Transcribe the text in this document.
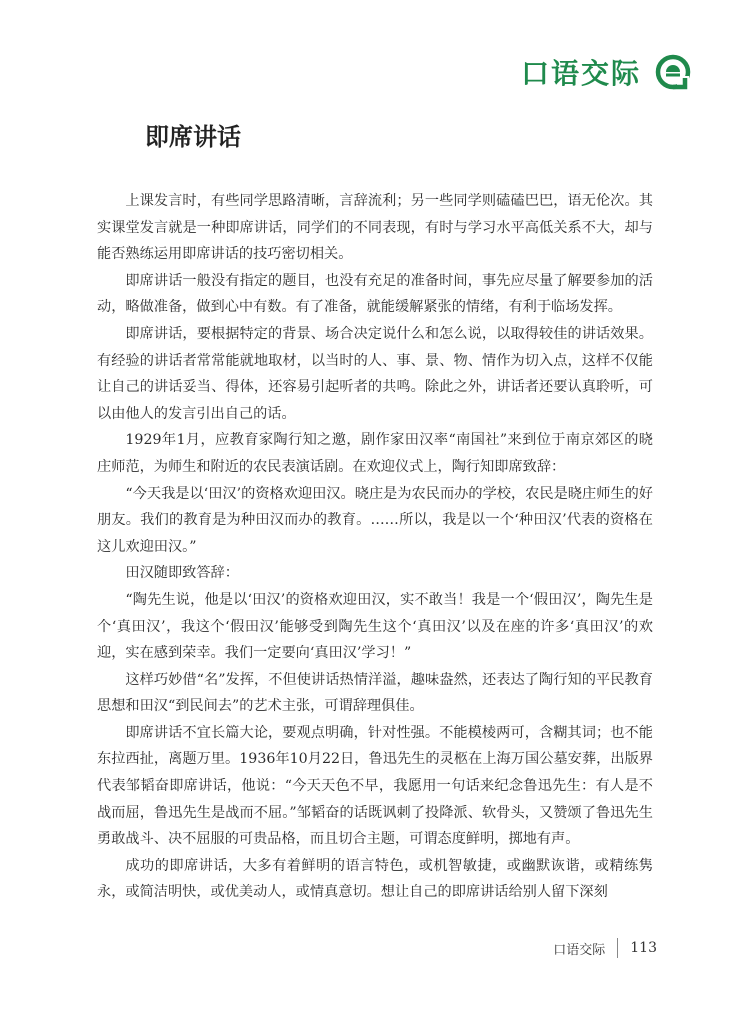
口语交际
即席讲话

上课发言时，有些同学思路清晰，言辞流利；另一些同学则磕磕巴巴，语无伦次。其实课堂发言就是一种即席讲话，同学们的不同表现，有时与学习水平高低关系不大，却与能否熟练运用即席讲话的技巧密切相关。

即席讲话一般没有指定的题目，也没有充足的准备时间，事先应尽量了解要参加的活动，略做准备，做到心中有数。有了准备，就能缓解紧张的情绪，有利于临场发挥。

即席讲话，要根据特定的背景、场合决定说什么和怎么说，以取得较佳的讲话效果。有经验的讲话者常常能就地取材，以当时的人、事、景、物、情作为切入点，这样不仅能让自己的讲话妥当、得体，还容易引起听者的共鸣。除此之外，讲话者还要认真聆听，可以由他人的发言引出自己的话。

1929年1月，应教育家陶行知之邀，剧作家田汉率“南国社”来到位于南京郊区的晓庄师范，为师生和附近的农民表演话剧。在欢迎仪式上，陶行知即席致辞：

“今天我是以‘田汉’的资格欢迎田汉。晓庄是为农民而办的学校，农民是晓庄师生的好朋友。我们的教育是为种田汉而办的教育。……所以，我是以一个‘种田汉’代表的资格在这儿欢迎田汉。”

田汉随即致答辞：

“陶先生说，他是以‘田汉’的资格欢迎田汉，实不敢当！我是一个‘假田汉’，陶先生是个‘真田汉’，我这个‘假田汉’能够受到陶先生这个‘真田汉’以及在座的许多‘真田汉’的欢迎，实在感到荣幸。我们一定要向‘真田汉’学习！”

这样巧妙借“名”发挥，不但使讲话热情洋溢，趣味盎然，还表达了陶行知的平民教育思想和田汉“到民间去”的艺术主张，可谓辞理俱佳。

即席讲话不宜长篇大论，要观点明确，针对性强。不能模棱两可，含糊其词；也不能东拉西扯，离题万里。1936年10月22日，鲁迅先生的灵柩在上海万国公墓安葬，出版界代表邹韬奋即席讲话，他说：“今天天色不早，我愿用一句话来纪念鲁迅先生：有人是不战而屈，鲁迅先生是战而不屈。”邹韬奋的话既讽刺了投降派、软骨头，又赞颂了鲁迅先生勇敢战斗、决不屈服的可贵品格，而且切合主题，可谓态度鲜明，掷地有声。

成功的即席讲话，大多有着鲜明的语言特色，或机智敏捷，或幽默诙谐，或精练隽永，或简洁明快，或优美动人，或情真意切。想让自己的即席讲话给别人留下深刻

口语交际 113
